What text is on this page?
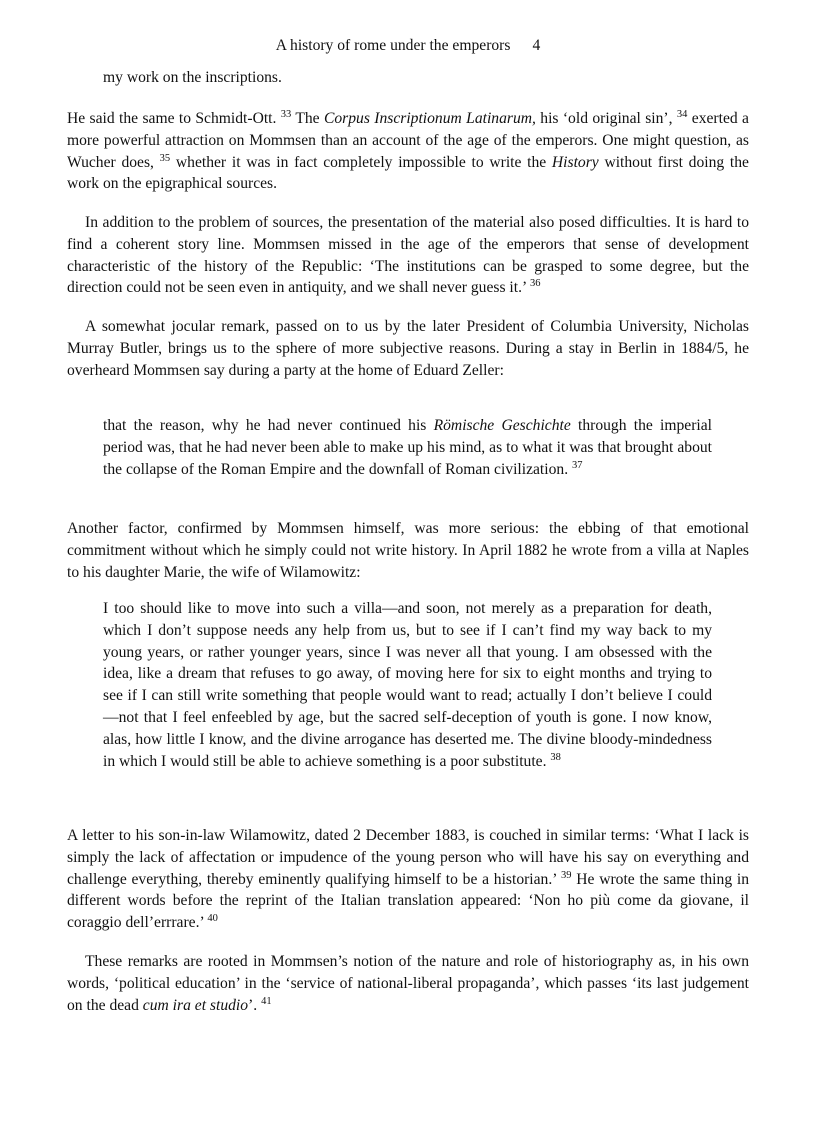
A history of rome under the emperors 4

my work on the inscriptions.

He said the same to Schmidt-Ott. $^{33}$ The Corpus Inscriptionum Latinarum, his ‘old original sin’, $^{34}$ exerted a more powerful attraction on Mommsen than an account of the age of the emperors. One might question, as Wucher does, $^{35}$ whether it was in fact completely impossible to write the History without first doing the work on the epigraphical sources.

In addition to the problem of sources, the presentation of the material also posed difficulties. It is hard to find a coherent story line. Mommsen missed in the age of the emperors that sense of development characteristic of the history of the Republic: ‘The institutions can be grasped to some degree, but the direction could not be seen even in antiquity, and we shall never guess it.’ $^{36}$

A somewhat jocular remark, passed on to us by the later President of Columbia University, Nicholas Murray Butler, brings us to the sphere of more subjective reasons. During a stay in Berlin in 1884/5, he overheard Mommsen say during a party at the home of Eduard Zeller:

that the reason, why he had never continued his Römische Geschichte through the imperial period was, that he had never been able to make up his mind, as to what it was that brought about the collapse of the Roman Empire and the downfall of Roman civilization. $^{37}$

Another factor, confirmed by Mommsen himself, was more serious: the ebbing of that emotional commitment without which he simply could not write history. In April 1882 he wrote from a villa at Naples to his daughter Marie, the wife of Wilamowitz:

I too should like to move into such a villa—and soon, not merely as a preparation for death, which I don’t suppose needs any help from us, but to see if I can’t find my way back to my young years, or rather younger years, since I was never all that young. I am obsessed with the idea, like a dream that refuses to go away, of moving here for six to eight months and trying to see if I can still write something that people would want to read; actually I don’t believe I could—not that I feel enfeebled by age, but the sacred self-deception of youth is gone. I now know, alas, how little I know, and the divine arrogance has deserted me. The divine bloody-mindedness in which I would still be able to achieve something is a poor substitute. $^{38}$

A letter to his son-in-law Wilamowitz, dated 2 December 1883, is couched in similar terms: ‘What I lack is simply the lack of affectation or impudence of the young person who will have his say on everything and challenge everything, thereby eminently qualifying himself to be a historian.’ $^{39}$ He wrote the same thing in different words before the reprint of the Italian translation appeared: ‘Non ho più come da giovane, il coraggio dell’errrare.’ $^{40}$

These remarks are rooted in Mommsen’s notion of the nature and role of historiography as, in his own words, ‘political education’ in the ‘service of national-liberal propaganda’, which passes ‘its last judgement on the dead cum ira et studio’. $^{41}$
